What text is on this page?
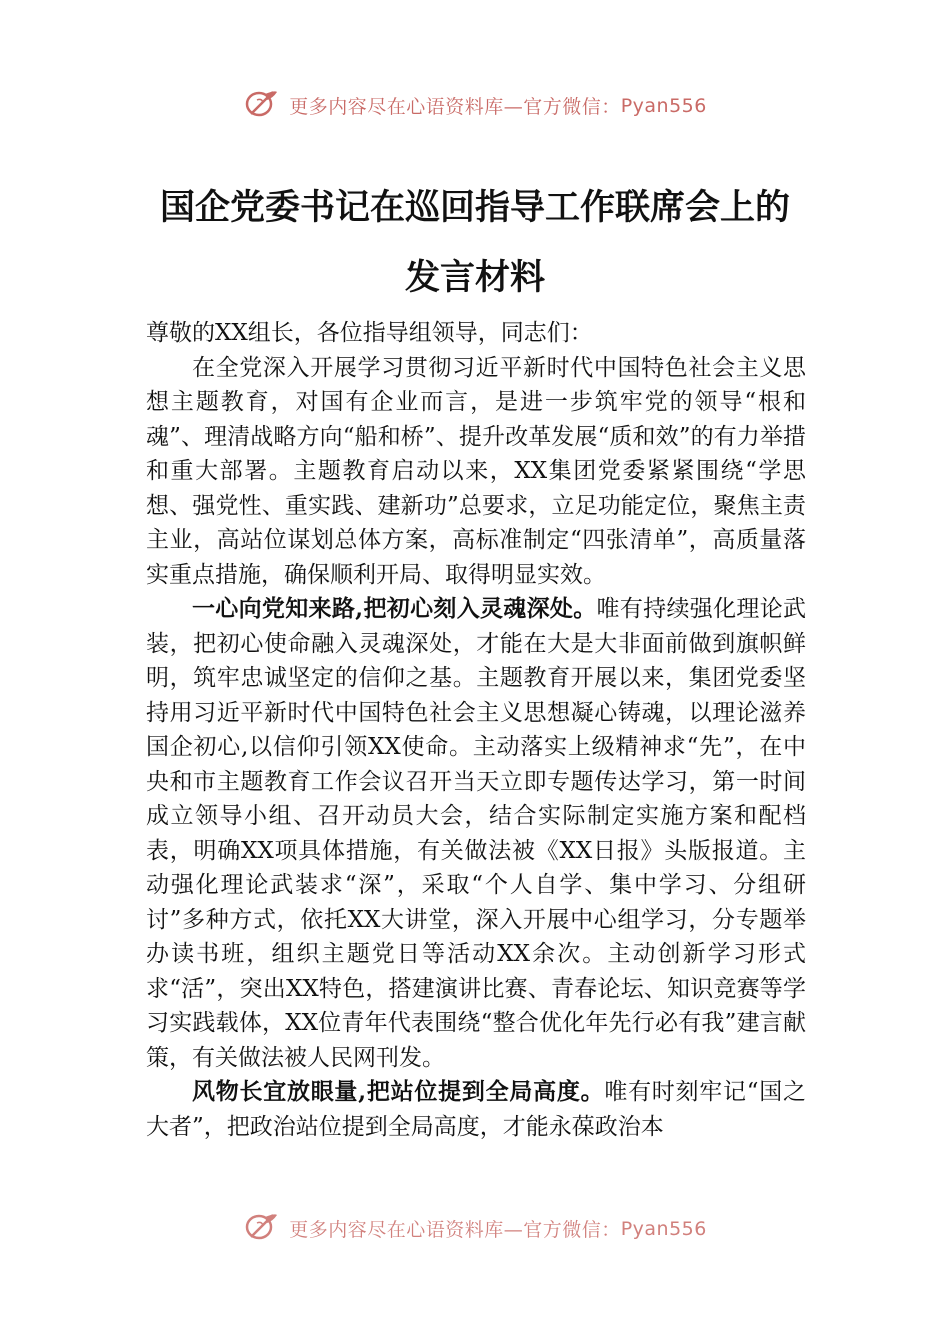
更多内容尽在心语资料库—官方微信：Pyan556
国企党委书记在巡回指导工作联席会上的
发言材料

尊敬的XX组长，各位指导组领导，同志们：

在全党深入开展学习贯彻习近平新时代中国特色社会主义思想主题教育，对国有企业而言，是进一步筑牢党的领导“根和魂”、理清战略方向“船和桥”、提升改革发展“质和效”的有力举措和重大部署。主题教育启动以来，XX集团党委紧紧围绕“学思想、强党性、重实践、建新功”总要求，立足功能定位，聚焦主责主业，高站位谋划总体方案，高标准制定“四张清单”，高质量落实重点措施，确保顺利开局、取得明显实效。

一心向党知来路,把初心刻入灵魂深处。唯有持续强化理论武装，把初心使命融入灵魂深处，才能在大是大非面前做到旗帜鲜明，筑牢忠诚坚定的信仰之基。主题教育开展以来，集团党委坚持用习近平新时代中国特色社会主义思想凝心铸魂，以理论滋养国企初心,以信仰引领XX使命。主动落实上级精神求“先”，在中央和市主题教育工作会议召开当天立即专题传达学习，第一时间成立领导小组、召开动员大会，结合实际制定实施方案和配档表，明确XX项具体措施，有关做法被《XX日报》头版报道。主动强化理论武装求“深”，采取“个人自学、集中学习、分组研讨”多种方式，依托XX大讲堂，深入开展中心组学习，分专题举办读书班，组织主题党日等活动XX余次。主动创新学习形式求“活”，突出XX特色，搭建演讲比赛、青春论坛、知识竞赛等学习实践载体，XX位青年代表围绕“整合优化年先行必有我”建言献策，有关做法被人民网刊发。

风物长宜放眼量,把站位提到全局高度。唯有时刻牢记“国之大者”，把政治站位提到全局高度，才能永葆政治本

更多内容尽在心语资料库—官方微信：Pyan556
